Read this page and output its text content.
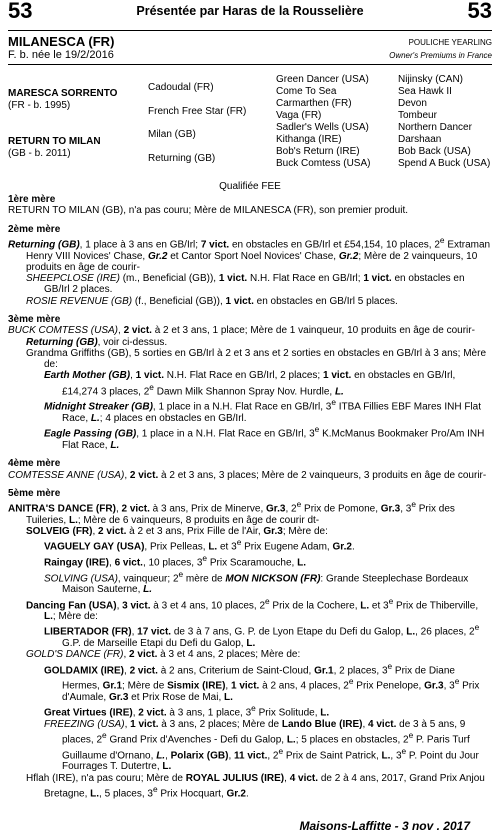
53	Présentée par Haras de la Rousselière	53
MILANESCA (FR)
F. b. née le 19/2/2016
POULICHE YEARLING
Owner's Premiums in France
MARESCA SORRENTO
(FR - b. 1995)
RETURN TO MILAN
(GB - b. 2011)
Cadoudal (FR)
French Free Star (FR)
Milan (GB)
Returning (GB)
Green Dancer (USA)
Come To Sea
Carmarthen (FR)
Vaga (FR)
Sadler's Wells (USA)
Kithanga (IRE)
Bob's Return (IRE)
Buck Comtess (USA)
Nijinsky (CAN)
Sea Hawk II
Devon
Tombeur
Northern Dancer
Darshaan
Bob Back (USA)
Spend A Buck (USA)
Qualifiée FEE

1ère mère

RETURN TO MILAN (GB), n'a pas couru; Mère de MILANESCA (FR), son premier produit.

2ème mère

Returning (GB), 1 place à 3 ans en GB/Irl; 7 vict. en obstacles en GB/Irl et £54,154, 10 places, 2e Extraman Henry VIII Novices' Chase, Gr.2 et Cantor Sport Noel Novices' Chase, Gr.2; Mère de 2 vainqueurs, 10 produits en âge de courir-

SHEEPCLOSE (IRE) (m., Beneficial (GB)), 1 vict. N.H. Flat Race en GB/Irl; 1 vict. en obstacles en GB/Irl 2 places.

ROSIE REVENUE (GB) (f., Beneficial (GB)), 1 vict. en obstacles en GB/Irl 5 places.

3ème mère

BUCK COMTESS (USA), 2 vict. à 2 et 3 ans, 1 place; Mère de 1 vainqueur, 10 produits en âge de courir-

Returning (GB), voir ci-dessus.

Grandma Griffiths (GB), 5 sorties en GB/Irl à 2 et 3 ans et 2 sorties en obstacles en GB/Irl à 3 ans; Mère de:

Earth Mother (GB), 1 vict. N.H. Flat Race en GB/Irl, 2 places; 1 vict. en obstacles en GB/Irl, £14,274 3 places, 2e Dawn Milk Shannon Spray Nov. Hurdle, L.

Midnight Streaker (GB), 1 place in a N.H. Flat Race en GB/Irl, 3e ITBA Fillies EBF Mares INH Flat Race, L.; 4 places en obstacles en GB/Irl.

Eagle Passing (GB), 1 place in a N.H. Flat Race en GB/Irl, 3e K.McManus Bookmaker Pro/Am INH Flat Race, L.

4ème mère

COMTESSE ANNE (USA), 2 vict. à 2 et 3 ans, 3 places; Mère de 2 vainqueurs, 3 produits en âge de courir-

5ème mère

ANITRA'S DANCE (FR), 2 vict. à 3 ans, Prix de Minerve, Gr.3, 2e Prix de Pomone, Gr.3, 3e Prix des Tuileries, L.; Mère de 6 vainqueurs, 8 produits en âge de courir dt-

SOLVEIG (FR), 2 vict. à 2 et 3 ans, Prix Fille de l'Air, Gr.3; Mère de:

VAGUELY GAY (USA), Prix Pelleas, L. et 3e Prix Eugene Adam, Gr.2.

Raingay (IRE), 6 vict., 10 places, 3e Prix Scaramouche, L.

SOLVING (USA), vainqueur; 2e mère de MON NICKSON (FR): Grande Steeplechase Bordeaux Maison Sauterne, L.

Dancing Fan (USA), 3 vict. à 3 et 4 ans, 10 places, 2e Prix de la Cochere, L. et 3e Prix de Thiberville, L.; Mère de:

LIBERTADOR (FR), 17 vict. de 3 à 7 ans, G. P. de Lyon Etape du Defi du Galop, L., 26 places, 2e G.P. de Marseille Etapi du Defi du Galop, L.

GOLD'S DANCE (FR), 2 vict. à 3 et 4 ans, 2 places; Mère de:

GOLDAMIX (IRE), 2 vict. à 2 ans, Criterium de Saint-Cloud, Gr.1, 2 places, 3e Prix de Diane Hermes, Gr.1; Mère de Sismix (IRE), 1 vict. à 2 ans, 4 places, 2e Prix Penelope, Gr.3, 3e Prix d'Aumale, Gr.3 et Prix Rose de Mai, L.

Great Virtues (IRE), 2 vict. à 3 ans, 1 place, 3e Prix Solitude, L.

FREEZING (USA), 1 vict. à 3 ans, 2 places; Mère de Lando Blue (IRE), 4 vict. de 3 à 5 ans, 9 places, 2e Grand Prix d'Avenches - Defi du Galop, L.; 5 places en obstacles, 2e P. Paris Turf Guillaume d'Ornano, L., Polarix (GB), 11 vict., 2e Prix de Saint Patrick, L., 3e P. Point du Jour Fourrages T. Dutertre, L.

Hflah (IRE), n'a pas couru; Mère de ROYAL JULIUS (IRE), 4 vict. de 2 à 4 ans, 2017, Grand Prix Anjou Bretagne, L., 5 places, 3e Prix Hocquart, Gr.2.

Maisons-Laffitte - 3 nov . 2017
